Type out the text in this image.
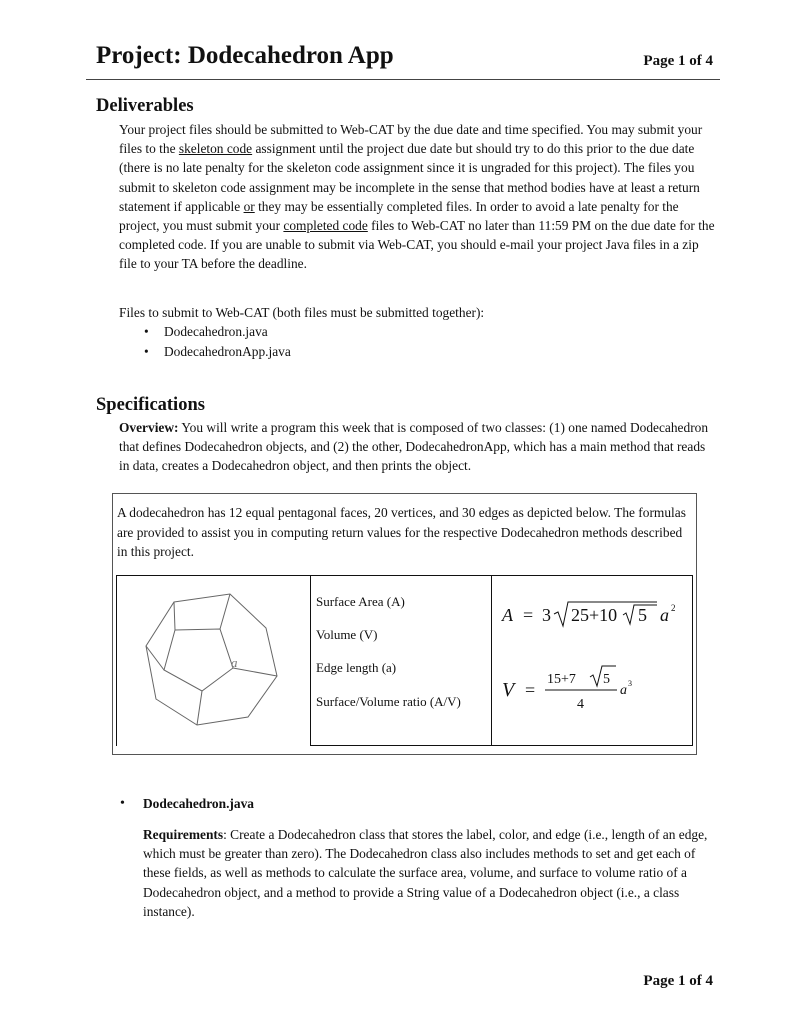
Project: Dodecahedron App	Page 1 of 4
Deliverables
Your project files should be submitted to Web-CAT by the due date and time specified. You may submit your files to the skeleton code assignment until the project due date but should try to do this prior to the due date (there is no late penalty for the skeleton code assignment since it is ungraded for this project). The files you submit to skeleton code assignment may be incomplete in the sense that method bodies have at least a return statement if applicable or they may be essentially completed files. In order to avoid a late penalty for the project, you must submit your completed code files to Web-CAT no later than 11:59 PM on the due date for the completed code. If you are unable to submit via Web-CAT, you should e-mail your project Java files in a zip file to your TA before the deadline.
Files to submit to Web-CAT (both files must be submitted together):
• Dodecahedron.java
• DodecahedronApp.java
Specifications
Overview: You will write a program this week that is composed of two classes: (1) one named Dodecahedron that defines Dodecahedron objects, and (2) the other, DodecahedronApp, which has a main method that reads in data, creates a Dodecahedron object, and then prints the object.
A dodecahedron has 12 equal pentagonal faces, 20 vertices, and 30 edges as depicted below. The formulas are provided to assist you in computing return values for the respective Dodecahedron methods described in this project.
a
Surface Area (A)
Volume (V)
Edge length (a)
Surface/Volume ratio (A/V)
A = 3 25+10 5 a 2
V =
15+7 5
4
a 3
• Dodecahedron.java
Requirements: Create a Dodecahedron class that stores the label, color, and edge (i.e., length of an edge, which must be greater than zero). The Dodecahedron class also includes methods to set and get each of these fields, as well as methods to calculate the surface area, volume, and surface to volume ratio of a Dodecahedron object, and a method to provide a String value of a Dodecahedron object (i.e., a class instance).
Page 1 of 4
